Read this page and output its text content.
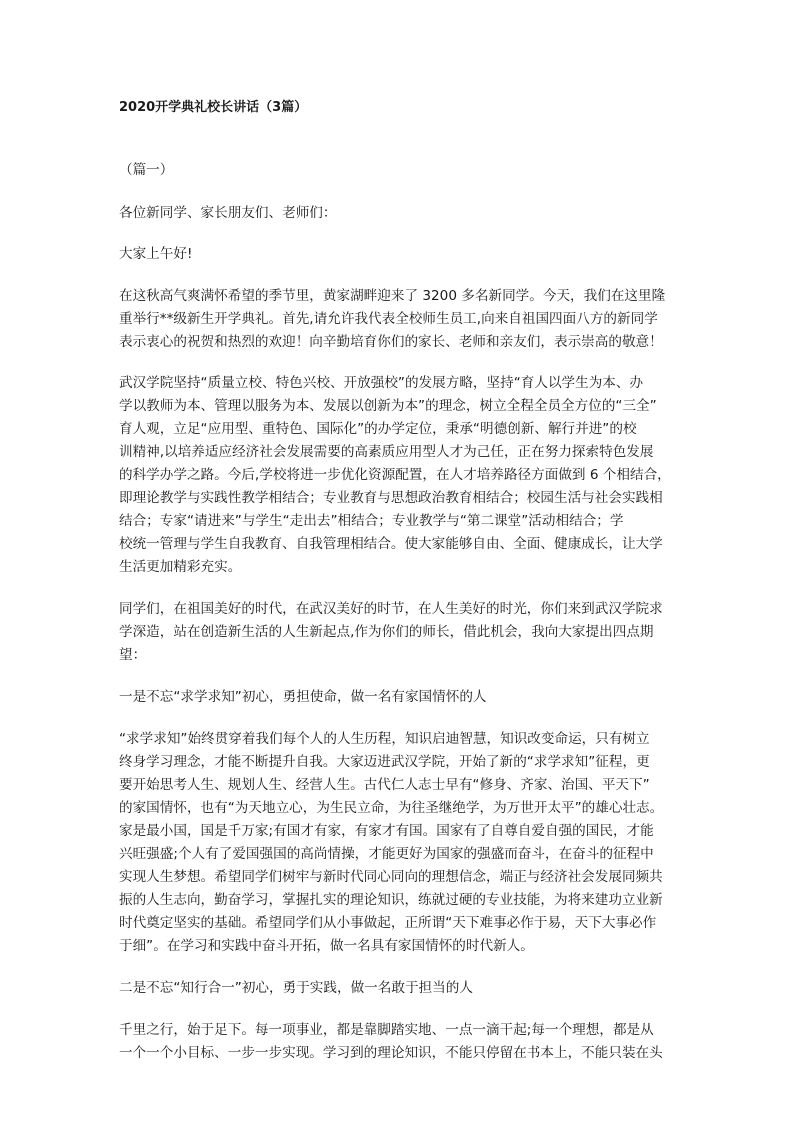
2020开学典礼校长讲话（3篇）
（篇一）
各位新同学、家长朋友们、老师们：
大家上午好!
在这秋高气爽满怀希望的季节里，黄家湖畔迎来了 3200 多名新同学。今天，我们在这里隆
重举行**级新生开学典礼。首先,请允许我代表全校师生员工,向来自祖国四面八方的新同学
表示衷心的祝贺和热烈的欢迎！向辛勤培育你们的家长、老师和亲友们，表示崇高的敬意！
武汉学院坚持“质量立校、特色兴校、开放强校”的发展方略，坚持“育人以学生为本、办
学以教师为本、管理以服务为本、发展以创新为本”的理念，树立全程全员全方位的“三全”
育人观，立足“应用型、重特色、国际化”的办学定位，秉承“明德创新、解行并进”的校
训精神,以培养适应经济社会发展需要的高素质应用型人才为己任，正在努力探索特色发展
的科学办学之路。今后,学校将进一步优化资源配置，在人才培养路径方面做到 6 个相结合，
即理论教学与实践性教学相结合；专业教育与思想政治教育相结合；校园生活与社会实践相
结合；专家“请进来”与学生“走出去”相结合；专业教学与“第二课堂”活动相结合；学
校统一管理与学生自我教育、自我管理相结合。使大家能够自由、全面、健康成长，让大学
生活更加精彩充实。
同学们，在祖国美好的时代，在武汉美好的时节，在人生美好的时光，你们来到武汉学院求
学深造，站在创造新生活的人生新起点,作为你们的师长，借此机会，我向大家提出四点期
望：
一是不忘“求学求知”初心，勇担使命，做一名有家国情怀的人
“求学求知”始终贯穿着我们每个人的人生历程，知识启迪智慧，知识改变命运，只有树立
终身学习理念，才能不断提升自我。大家迈进武汉学院，开始了新的“求学求知”征程，更
要开始思考人生、规划人生、经营人生。古代仁人志士早有“修身、齐家、治国、平天下”
的家国情怀，也有“为天地立心，为生民立命，为往圣继绝学，为万世开太平”的雄心壮志。
家是最小国，国是千万家;有国才有家，有家才有国。国家有了自尊自爱自强的国民，才能
兴旺强盛;个人有了爱国强国的高尚情操，才能更好为国家的强盛而奋斗，在奋斗的征程中
实现人生梦想。希望同学们树牢与新时代同心同向的理想信念，端正与经济社会发展同频共
振的人生志向，勤奋学习，掌握扎实的理论知识，练就过硬的专业技能，为将来建功立业新
时代奠定坚实的基础。希望同学们从小事做起，正所谓“天下难事必作于易，天下大事必作
于细”。在学习和实践中奋斗开拓，做一名具有家国情怀的时代新人。
二是不忘“知行合一”初心，勇于实践，做一名敢于担当的人
千里之行，始于足下。每一项事业，都是靠脚踏实地、一点一滴干起;每一个理想，都是从
一个一个小目标、一步一步实现。学习到的理论知识，不能只停留在书本上，不能只装在头
